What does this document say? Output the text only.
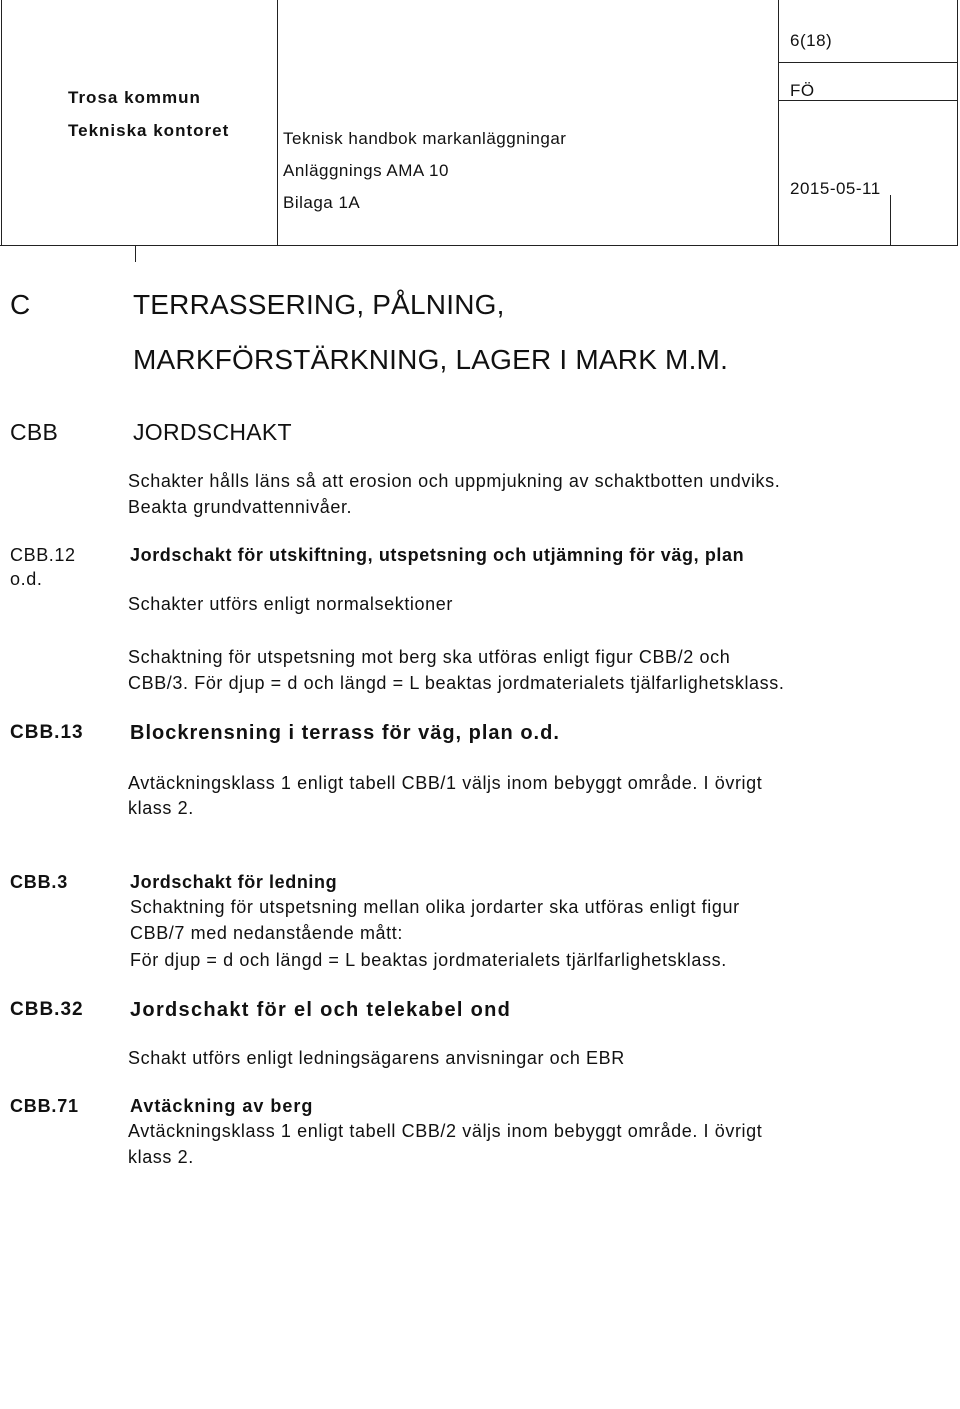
Trosa kommun
Tekniska kontoret	Teknisk handbok markanläggningar
Anläggnings AMA 10
Bilaga 1A
6(18)
FÖ
2015-05-11
C	TERRASSERING, PÅLNING,
MARKFÖRSTÄRKNING, LAGER I MARK M.M.
CBB	JORDSCHAKT
Schakter hålls läns så att erosion och uppmjukning av schaktbotten undviks.
Beakta grundvattennivåer.
CBB.12
o.d.
Jordschakt för utskiftning, utspetsning och utjämning för väg, plan
Schakter utförs enligt normalsektioner
Schaktning för utspetsning mot berg ska utföras enligt figur CBB/2 och
CBB/3. För djup = d och längd = L beaktas jordmaterialets tjälfarlighetsklass.
CBB.13 Blockrensning i terrass för väg, plan o.d.
Avtäckningsklass 1 enligt tabell CBB/1 väljs inom bebyggt område. I övrigt
klass 2.
CBB.3	Jordschakt för ledning
Schaktning för utspetsning mellan olika jordarter ska utföras enligt figur
CBB/7 med nedanstående mått:
För djup = d och längd = L beaktas jordmaterialets tjärlfarlighetsklass.
CBB.32 Jordschakt för el och telekabel ond
Schakt utförs enligt ledningsägarens anvisningar och EBR
CBB.71	Avtäckning av berg
Avtäckningsklass 1 enligt tabell CBB/2 väljs inom bebyggt område. I övrigt
klass 2.
